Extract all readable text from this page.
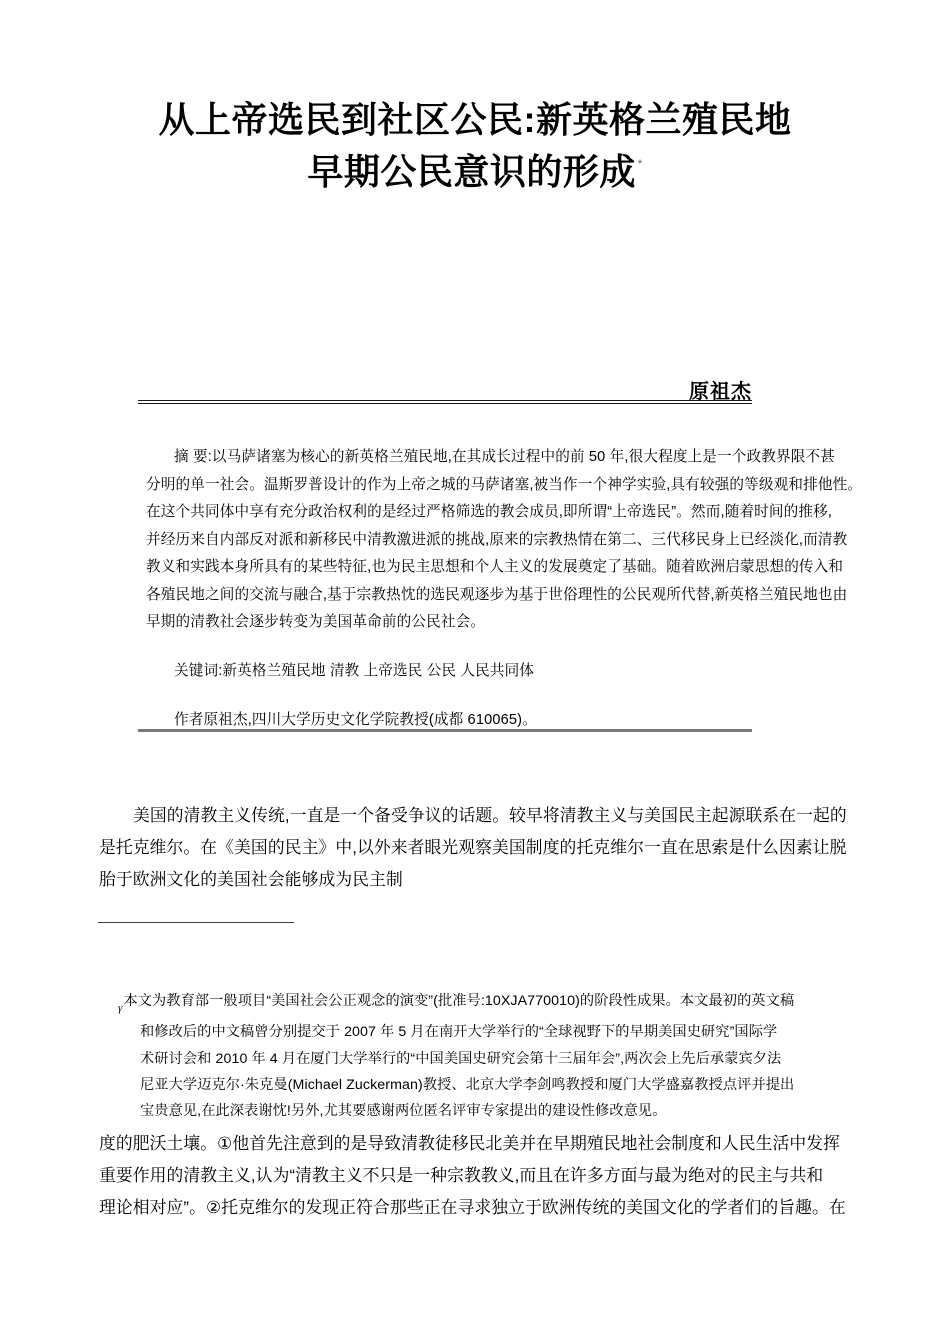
从上帝选民到社区公民:新英格兰殖民地
早期公民意识的形成 *
原祖杰
摘 要:以马萨诸塞为核心的新英格兰殖民地,在其成长过程中的前 50 年,很大程度上是一个政教界限不甚
分明的单一社会。温斯罗普设计的作为上帝之城的马萨诸塞,被当作一个神学实验,具有较强的等级观和排他性。
在这个共同体中享有充分政治权利的是经过严格筛选的教会成员,即所谓“上帝选民”。然而,随着时间的推移,
并经历来自内部反对派和新移民中清教激进派的挑战,原来的宗教热情在第二、三代移民身上已经淡化,而清教
教义和实践本身所具有的某些特征,也为民主思想和个人主义的发展奠定了基础。随着欧洲启蒙思想的传入和
各殖民地之间的交流与融合,基于宗教热忱的选民观逐步为基于世俗理性的公民观所代替,新英格兰殖民地也由
早期的清教社会逐步转变为美国革命前的公民社会。
关键词:新英格兰殖民地 清教 上帝选民 公民 人民共同体
作者原祖杰,四川大学历史文化学院教授(成都 610065)。
美国的清教主义传统,一直是一个备受争议的话题。较早将清教主义与美国民主起源联系在一起的
是托克维尔。在《美国的民主》中,以外来者眼光观察美国制度的托克维尔一直在思索是什么因素让脱
胎于欧洲文化的美国社会能够成为民主制
$_\gamma$本文为教育部一般项目“美国社会公正观念的演变”(批准号:10XJA770010)的阶段性成果。本文最初的英文稿
和修改后的中文稿曾分别提交于 2007 年 5 月在南开大学举行的“全球视野下的早期美国史研究”国际学
术研讨会和 2010 年 4 月在厦门大学举行的“中国美国史研究会第十三届年会”,两次会上先后承蒙宾夕法
尼亚大学迈克尔·朱克曼(Michael Zuckerman)教授、北京大学李剑鸣教授和厦门大学盛嘉教授点评并提出
宝贵意见,在此深表谢忱!另外,尤其要感谢两位匿名评审专家提出的建设性修改意见。
度的肥沃土壤。①他首先注意到的是导致清教徒移民北美并在早期殖民地社会制度和人民生活中发挥
重要作用的清教主义,认为“清教主义不只是一种宗教教义,而且在许多方面与最为绝对的民主与共和
理论相对应”。②托克维尔的发现正符合那些正在寻求独立于欧洲传统的美国文化的学者们的旨趣。在
